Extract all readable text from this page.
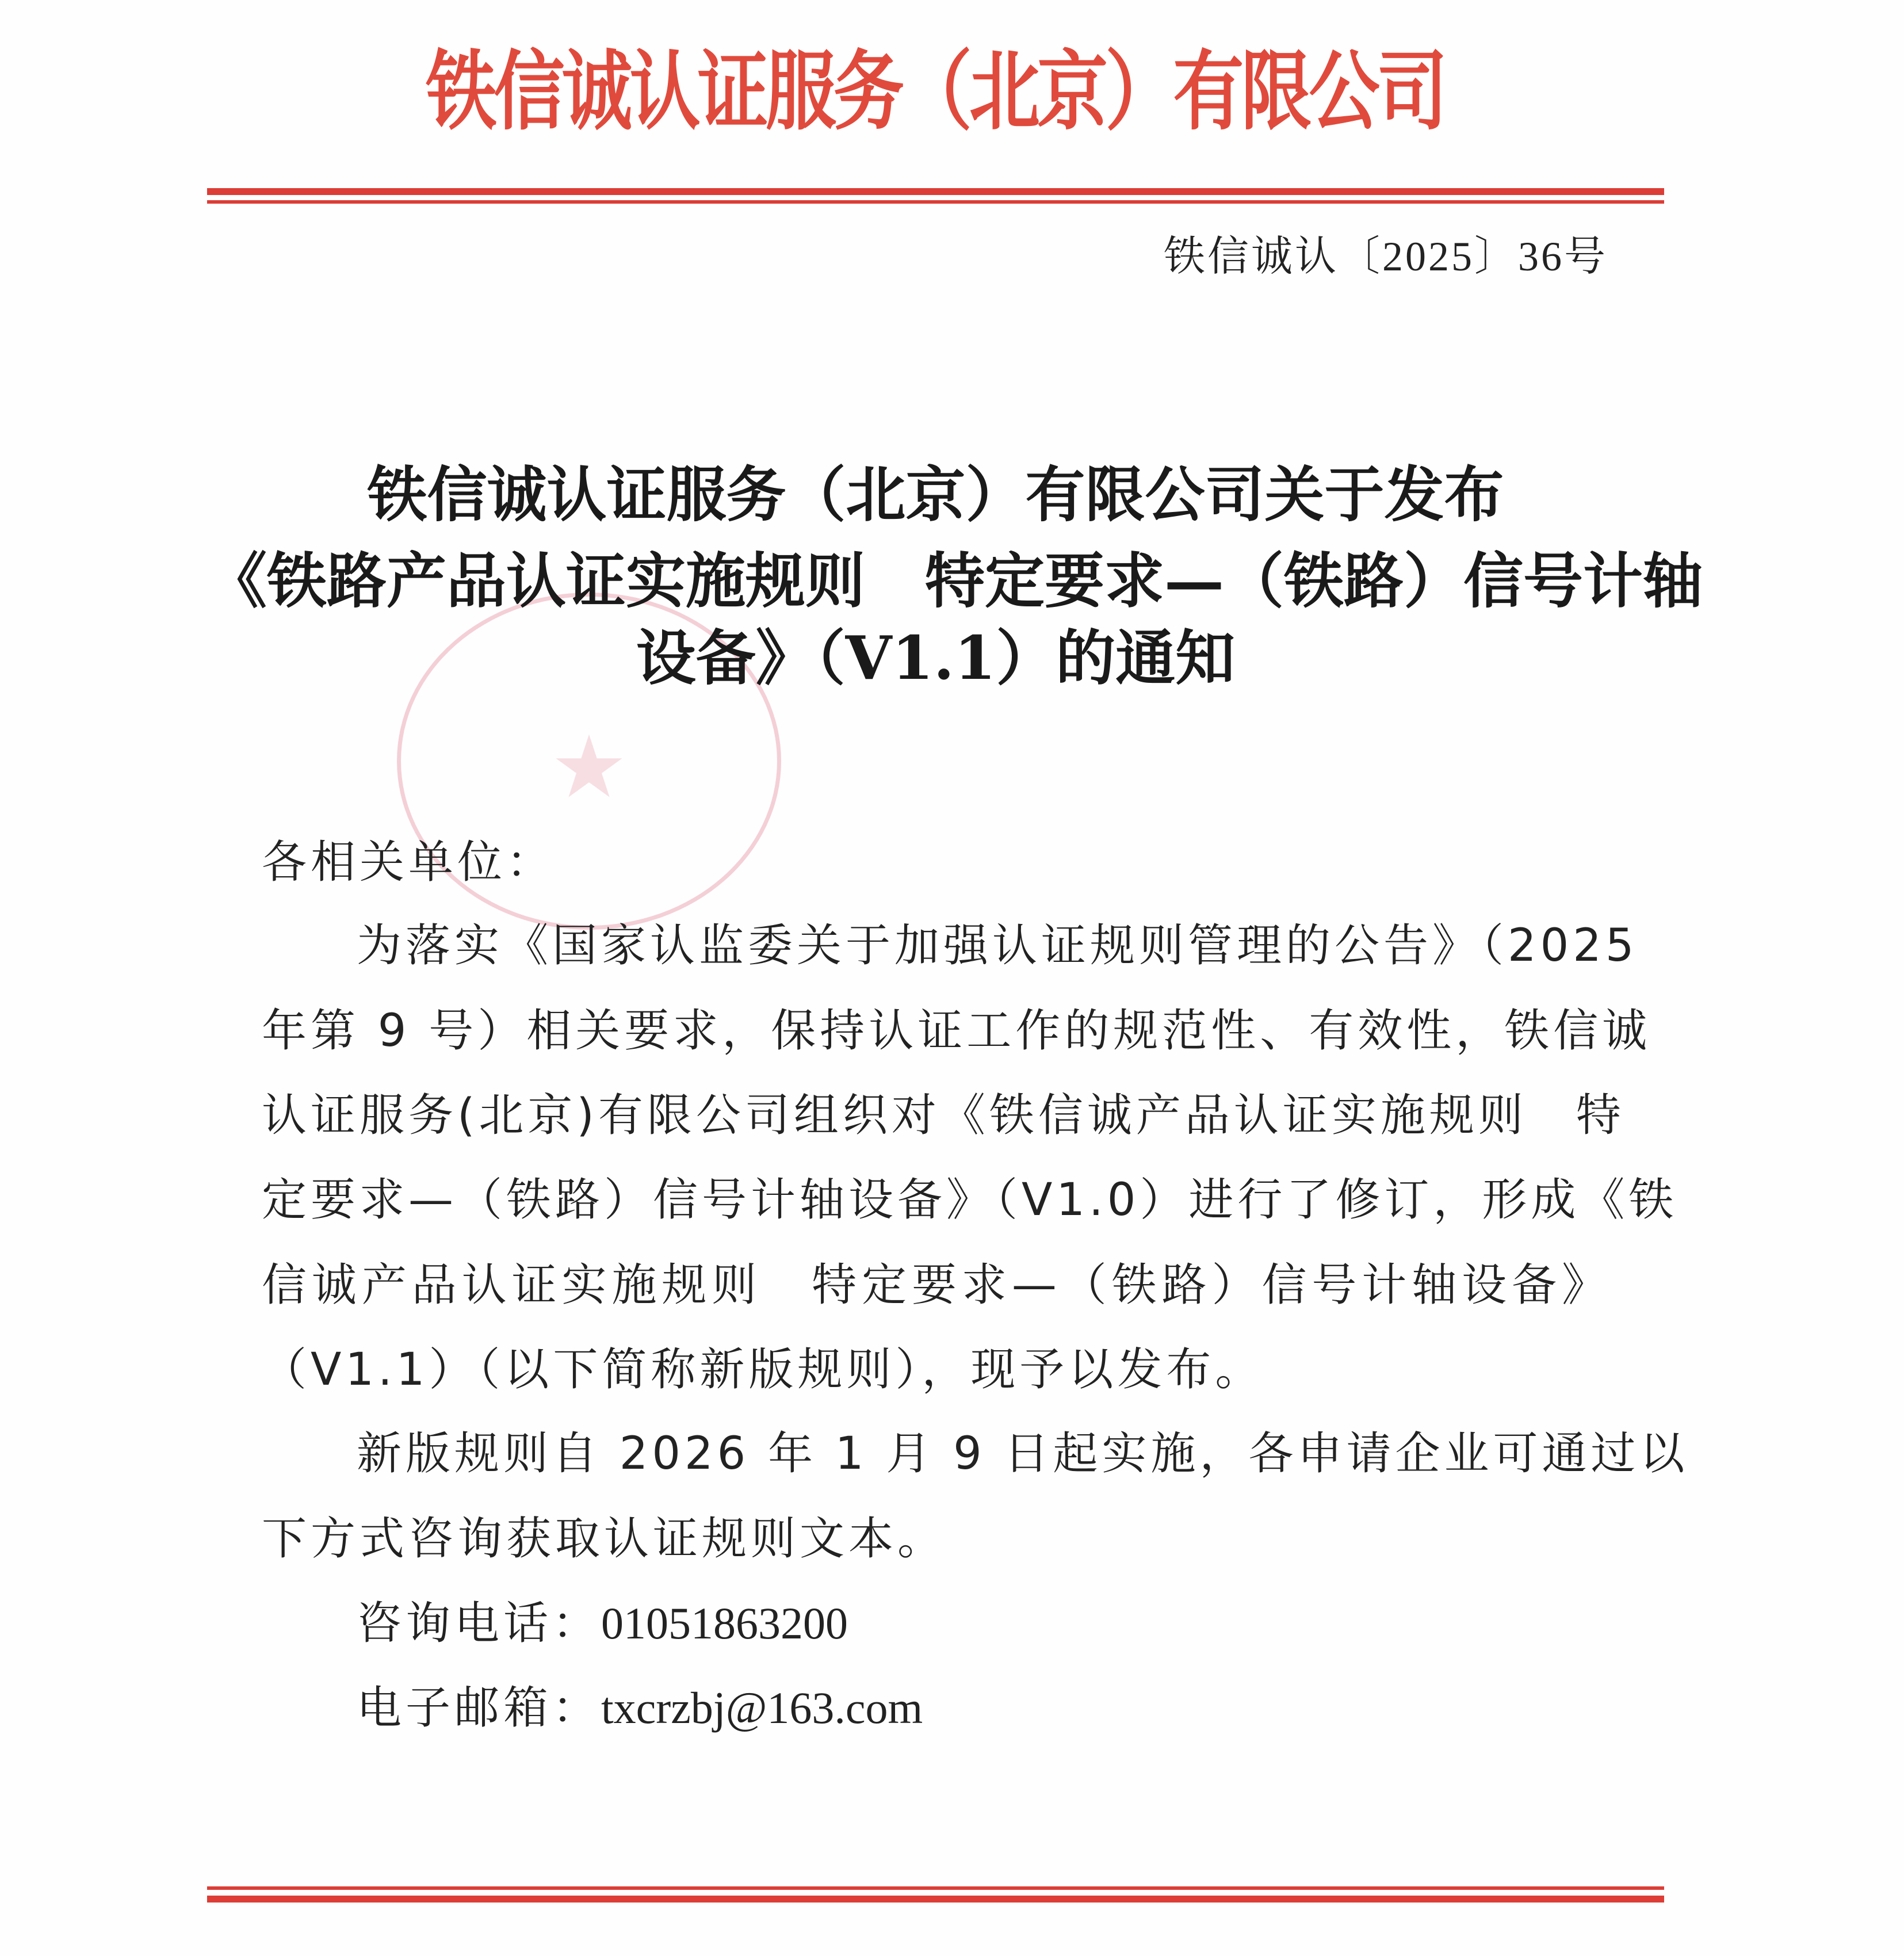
铁信诚认证服务（北京）有限公司
铁信诚认〔2025〕36号
★
铁信诚认证服务（北京）有限公司关于发布
《铁路产品认证实施规则　特定要求—（铁路）信号计轴
设备》（V1.1）的通知
各相关单位：
为落实《国家认监委关于加强认证规则管理的公告》（2025
年第 9 号）相关要求，保持认证工作的规范性、有效性，铁信诚
认证服务(北京)有限公司组织对《铁信诚产品认证实施规则　特
定要求—（铁路）信号计轴设备》（V1.0）进行了修订，形成《铁
信诚产品认证实施规则　特定要求—（铁路）信号计轴设备》
（V1.1）（以下简称新版规则），现予以发布。
新版规则自 2026 年 1 月 9 日起实施，各申请企业可通过以
下方式咨询获取认证规则文本。
咨询电话：01051863200
电子邮箱：txcrzbj@163.com
